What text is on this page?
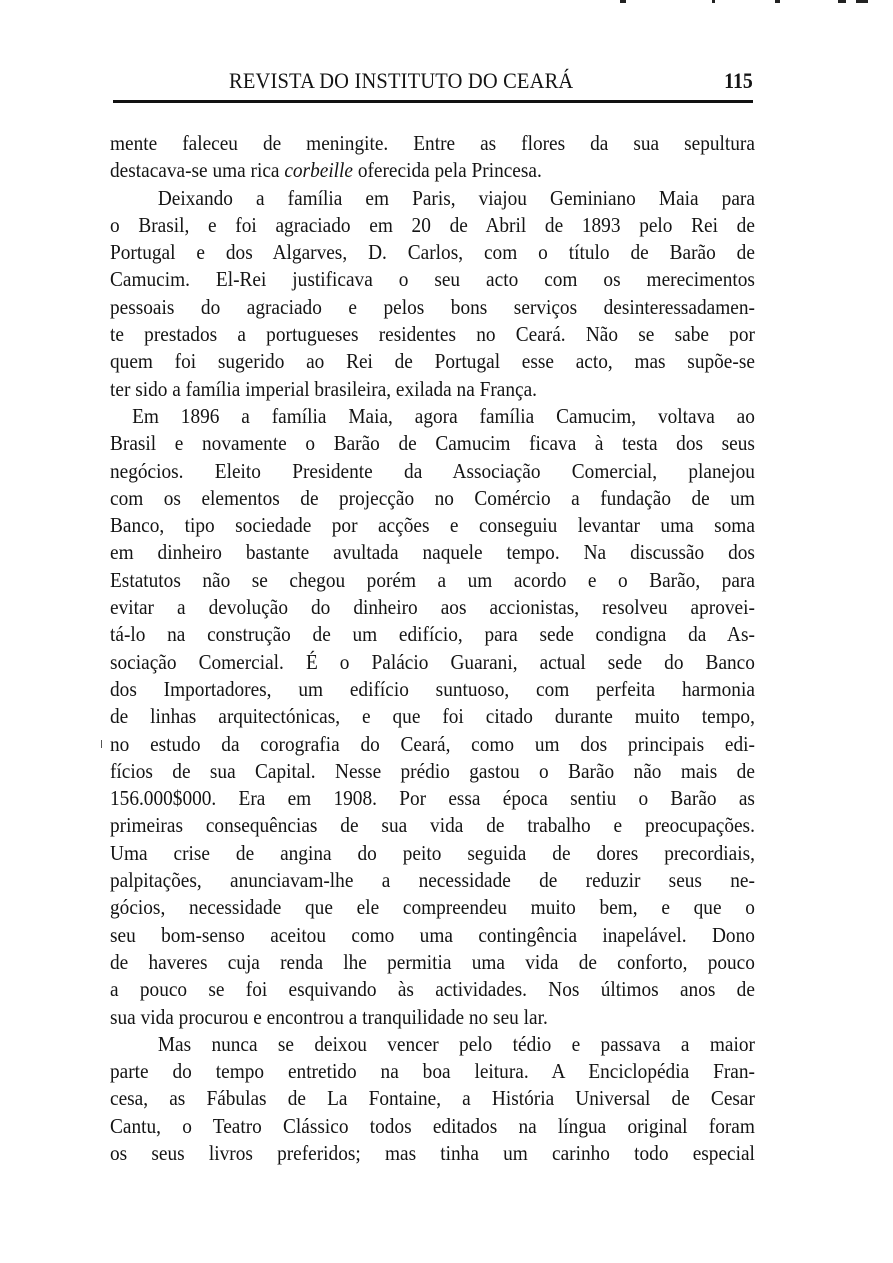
REVISTA DO INSTITUTO DO CEARÁ	115
mente faleceu de meningite. Entre as flores da sua sepultura
destacava-se uma rica corbeille oferecida pela Princesa.
Deixando a família em Paris, viajou Geminiano Maia para
o Brasil, e foi agraciado em 20 de Abril de 1893 pelo Rei de
Portugal e dos Algarves, D. Carlos, com o título de Barão de
Camucim. El-Rei justificava o seu acto com os merecimentos
pessoais do agraciado e pelos bons serviços desinteressadamen-
te prestados a portugueses residentes no Ceará. Não se sabe por
quem foi sugerido ao Rei de Portugal esse acto, mas supõe-se
ter sido a família imperial brasileira, exilada na França.
Em 1896 a família Maia, agora família Camucim, voltava ao
Brasil e novamente o Barão de Camucim ficava à testa dos seus
negócios. Eleito Presidente da Associação Comercial, planejou
com os elementos de projecção no Comércio a fundação de um
Banco, tipo sociedade por acções e conseguiu levantar uma soma
em dinheiro bastante avultada naquele tempo. Na discussão dos
Estatutos não se chegou porém a um acordo e o Barão, para
evitar a devolução do dinheiro aos accionistas, resolveu aprovei-
tá-lo na construção de um edifício, para sede condigna da As-
sociação Comercial. É o Palácio Guarani, actual sede do Banco
dos Importadores, um edifício suntuoso, com perfeita harmonia
de linhas arquitectónicas, e que foi citado durante muito tempo,
no estudo da corografia do Ceará, como um dos principais edi-
fícios de sua Capital. Nesse prédio gastou o Barão não mais de
156.000$000. Era em 1908. Por essa época sentiu o Barão as
primeiras consequências de sua vida de trabalho e preocupações.
Uma crise de angina do peito seguida de dores precordiais,
palpitações, anunciavam-lhe a necessidade de reduzir seus ne-
gócios, necessidade que ele compreendeu muito bem, e que o
seu bom-senso aceitou como uma contingência inapelável. Dono
de haveres cuja renda lhe permitia uma vida de conforto, pouco
a pouco se foi esquivando às actividades. Nos últimos anos de
sua vida procurou e encontrou a tranquilidade no seu lar.
Mas nunca se deixou vencer pelo tédio e passava a maior
parte do tempo entretido na boa leitura. A Enciclopédia Fran-
cesa, as Fábulas de La Fontaine, a História Universal de Cesar
Cantu, o Teatro Clássico todos editados na língua original foram
os seus livros preferidos; mas tinha um carinho todo especial
